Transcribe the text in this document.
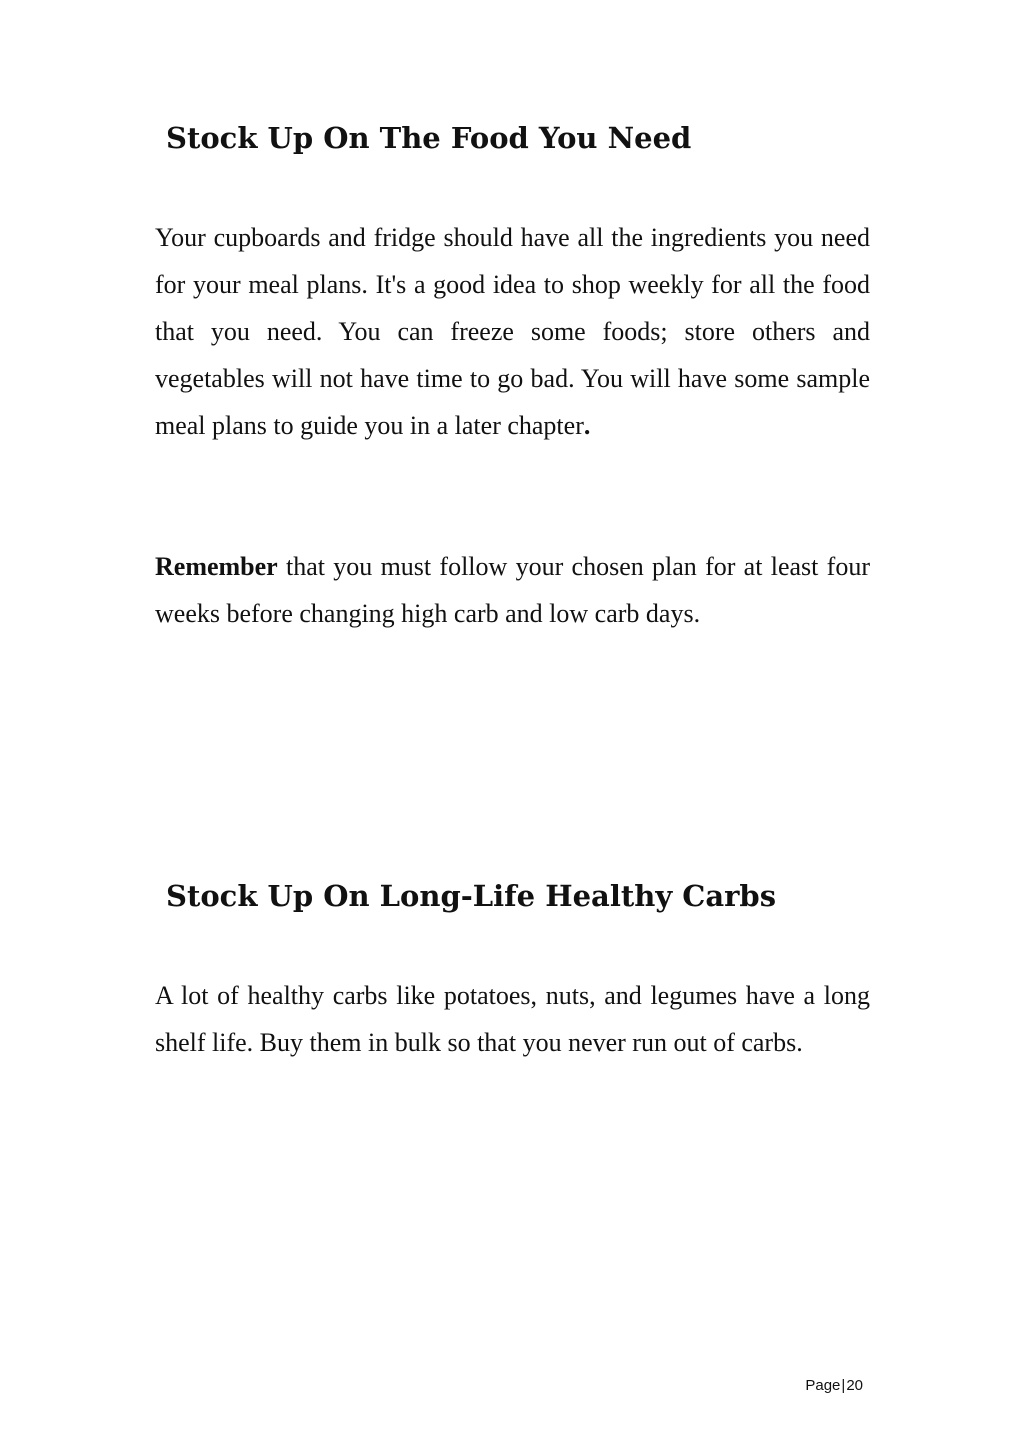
Stock Up On The Food You Need

Your cupboards and fridge should have all the ingredients you need for your meal plans. It's a good idea to shop weekly for all the food that you need. You can freeze some foods; store others and vegetables will not have time to go bad. You will have some sample meal plans to guide you in a later chapter.

Remember that you must follow your chosen plan for at least four weeks before changing high carb and low carb days.

Stock Up On Long-Life Healthy Carbs

A lot of healthy carbs like potatoes, nuts, and legumes have a long shelf life. Buy them in bulk so that you never run out of carbs.

Page|20
